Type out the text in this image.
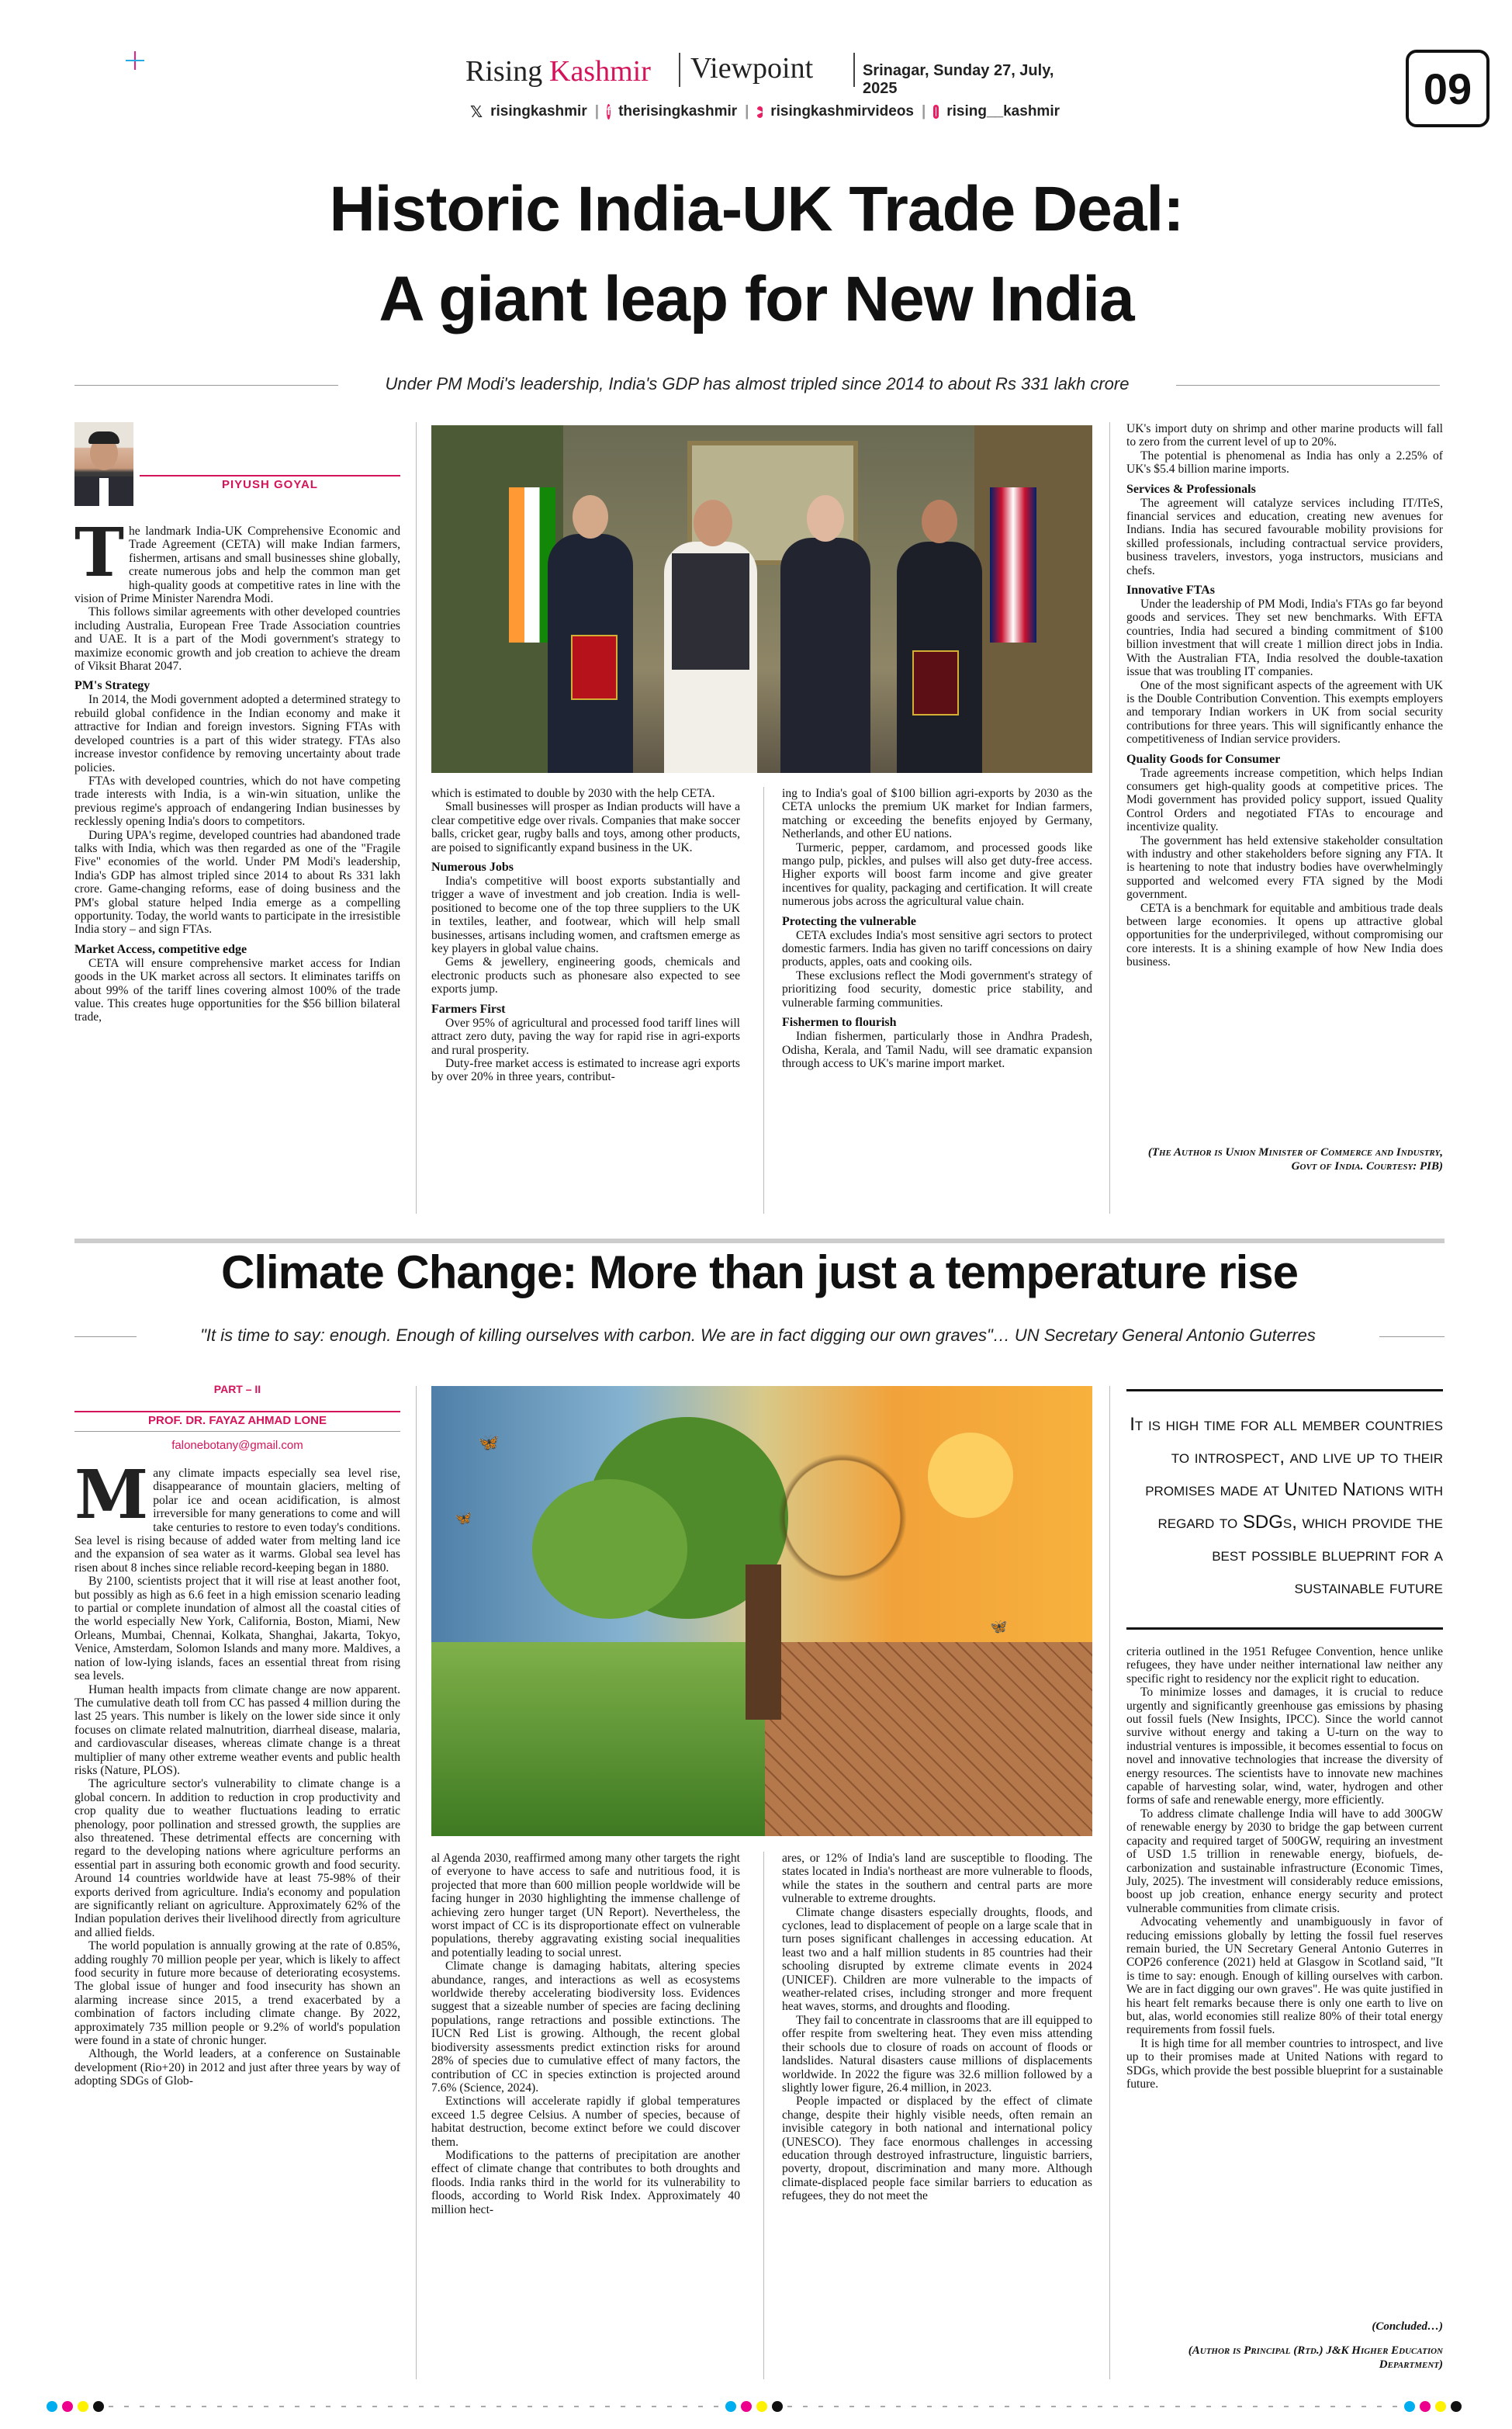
Rising Kashmir Viewpoint	Srinagar, Sunday 27, July, 2025	09
𝕏 risingkashmir | f therisingkashmir | ▶ risingkashmirvideos | rising__kashmir
Historic India-UK Trade Deal:
A giant leap for New India
Under PM Modi's leadership, India's GDP has almost tripled since 2014 to about Rs 331 lakh crore
PIYUSH GOYAL

The landmark India-UK Comprehensive Economic and Trade Agreement (CETA) will make Indian farmers, fishermen, artisans and small businesses shine globally, create numerous jobs and help the common man get high-quality goods at competitive rates in line with the vision of Prime Minister Narendra Modi.

This follows similar agreements with other developed countries including Australia, European Free Trade Association countries and UAE. It is a part of the Modi government's strategy to maximize economic growth and job creation to achieve the dream of Viksit Bharat 2047.

PM's Strategy

In 2014, the Modi government adopted a determined strategy to rebuild global confidence in the Indian economy and make it attractive for Indian and foreign investors. Signing FTAs with developed countries is a part of this wider strategy. FTAs also increase investor confidence by removing uncertainty about trade policies.

FTAs with developed countries, which do not have competing trade interests with India, is a win-win situation, unlike the previous regime's approach of endangering Indian businesses by recklessly opening India's doors to competitors.

During UPA's regime, developed countries had abandoned trade talks with India, which was then regarded as one of the "Fragile Five" economies of the world. Under PM Modi's leadership, India's GDP has almost tripled since 2014 to about Rs 331 lakh crore. Game-changing reforms, ease of doing business and the PM's global stature helped India emerge as a compelling opportunity. Today, the world wants to participate in the irresistible India story – and sign FTAs.

Market Access, competitive edge

CETA will ensure comprehensive market access for Indian goods in the UK market across all sectors. It eliminates tariffs on about 99% of the tariff lines covering almost 100% of the trade value. This creates huge opportunities for the $56 billion bilateral trade,

which is estimated to double by 2030 with the help CETA.

Small businesses will prosper as Indian products will have a clear competitive edge over rivals. Companies that make soccer balls, cricket gear, rugby balls and toys, among other products, are poised to significantly expand business in the UK.

Numerous Jobs

India's competitive will boost exports substantially and trigger a wave of investment and job creation. India is well-positioned to become one of the top three suppliers to the UK in textiles, leather, and footwear, which will help small businesses, artisans including women, and craftsmen emerge as key players in global value chains.

Gems & jewellery, engineering goods, chemicals and electronic products such as phonesare also expected to see exports jump.

Farmers First

Over 95% of agricultural and processed food tariff lines will attract zero duty, paving the way for rapid rise in agri-exports and rural prosperity.

Duty-free market access is estimated to increase agri exports by over 20% in three years, contribut-

ing to India's goal of $100 billion agri-exports by 2030 as the CETA unlocks the premium UK market for Indian farmers, matching or exceeding the benefits enjoyed by Germany, Netherlands, and other EU nations.

Turmeric, pepper, cardamom, and processed goods like mango pulp, pickles, and pulses will also get duty-free access. Higher exports will boost farm income and give greater incentives for quality, packaging and certification. It will create numerous jobs across the agricultural value chain.

Protecting the vulnerable

CETA excludes India's most sensitive agri sectors to protect domestic farmers. India has given no tariff concessions on dairy products, apples, oats and cooking oils.

These exclusions reflect the Modi government's strategy of prioritizing food security, domestic price stability, and vulnerable farming communities.

Fishermen to flourish

Indian fishermen, particularly those in Andhra Pradesh, Odisha, Kerala, and Tamil Nadu, will see dramatic expansion through access to UK's marine import market.

UK's import duty on shrimp and other marine products will fall to zero from the current level of up to 20%.

The potential is phenomenal as India has only a 2.25% of UK's $5.4 billion marine imports.

Services & Professionals

The agreement will catalyze services including IT/ITeS, financial services and education, creating new avenues for Indians. India has secured favourable mobility provisions for skilled professionals, including contractual service providers, business travelers, investors, yoga instructors, musicians and chefs.

Innovative FTAs

Under the leadership of PM Modi, India's FTAs go far beyond goods and services. They set new benchmarks. With EFTA countries, India had secured a binding commitment of $100 billion investment that will create 1 million direct jobs in India. With the Australian FTA, India resolved the double-taxation issue that was troubling IT companies.

One of the most significant aspects of the agreement with UK is the Double Contribution Convention. This exempts employers and temporary Indian workers in UK from social security contributions for three years. This will significantly enhance the competitiveness of Indian service providers.

Quality Goods for Consumer

Trade agreements increase competition, which helps Indian consumers get high-quality goods at competitive prices. The Modi government has provided policy support, issued Quality Control Orders and negotiated FTAs to encourage and incentivize quality.

The government has held extensive stakeholder consultation with industry and other stakeholders before signing any FTA. It is heartening to note that industry bodies have overwhelmingly supported and welcomed every FTA signed by the Modi government.

CETA is a benchmark for equitable and ambitious trade deals between large economies. It opens up attractive global opportunities for the underprivileged, without compromising our core interests. It is a shining example of how New India does business.

(The Author is Union Minister of Commerce and Industry, Govt of India. Courtesy: PIB)
Climate Change: More than just a temperature rise
"It is time to say: enough. Enough of killing ourselves with carbon. We are in fact digging our own graves"… UN Secretary General Antonio Guterres
PART – II
PROF. DR. FAYAZ AHMAD LONE
falonebotany@gmail.com	🦋
🦋
🦋
It is high time for all member countries to introspect, and live up to their promises made at United Nations with regard to SDGs, which provide the best possible blueprint for a sustainable future

Many climate impacts especially sea level rise, disappearance of mountain glaciers, melting of polar ice and ocean acidification, is almost irreversible for many generations to come and will take centuries to restore to even today's conditions. Sea level is rising because of added water from melting land ice and the expansion of sea water as it warms. Global sea level has risen about 8 inches since reliable record-keeping began in 1880.

By 2100, scientists project that it will rise at least another foot, but possibly as high as 6.6 feet in a high emission scenario leading to partial or complete inundation of almost all the coastal cities of the world especially New York, California, Boston, Miami, New Orleans, Mumbai, Chennai, Kolkata, Shanghai, Jakarta, Tokyo, Venice, Amsterdam, Solomon Islands and many more. Maldives, a nation of low-lying islands, faces an essential threat from rising sea levels.

Human health impacts from climate change are now apparent. The cumulative death toll from CC has passed 4 million during the last 25 years. This number is likely on the lower side since it only focuses on climate related malnutrition, diarrheal disease, malaria, and cardiovascular diseases, whereas climate change is a threat multiplier of many other extreme weather events and public health risks (Nature, PLOS).

The agriculture sector's vulnerability to climate change is a global concern. In addition to reduction in crop productivity and crop quality due to weather fluctuations leading to erratic phenology, poor pollination and stressed growth, the supplies are also threatened. These detrimental effects are concerning with regard to the developing nations where agriculture performs an essential part in assuring both economic growth and food security. Around 14 countries worldwide have at least 75-98% of their exports derived from agriculture. India's economy and population are significantly reliant on agriculture. Approximately 62% of the Indian population derives their livelihood directly from agriculture and allied fields.

The world population is annually growing at the rate of 0.85%, adding roughly 70 million people per year, which is likely to affect food security in future more because of deteriorating ecosystems. The global issue of hunger and food insecurity has shown an alarming increase since 2015, a trend exacerbated by a combination of factors including climate change. By 2022, approximately 735 million people or 9.2% of world's population were found in a state of chronic hunger.

Although, the World leaders, at a conference on Sustainable development (Rio+20) in 2012 and just after three years by way of adopting SDGs of Glob-

al Agenda 2030, reaffirmed among many other targets the right of everyone to have access to safe and nutritious food, it is projected that more than 600 million people worldwide will be facing hunger in 2030 highlighting the immense challenge of achieving zero hunger target (UN Report). Nevertheless, the worst impact of CC is its disproportionate effect on vulnerable populations, thereby aggravating existing social inequalities and potentially leading to social unrest.

Climate change is damaging habitats, altering species abundance, ranges, and interactions as well as ecosystems worldwide thereby accelerating biodiversity loss. Evidences suggest that a sizeable number of species are facing declining populations, range retractions and possible extinctions. The IUCN Red List is growing. Although, the recent global biodiversity assessments predict extinction risks for around 28% of species due to cumulative effect of many factors, the contribution of CC in species extinction is projected around 7.6% (Science, 2024).

Extinctions will accelerate rapidly if global temperatures exceed 1.5 degree Celsius. A number of species, because of habitat destruction, become extinct before we could discover them.

Modifications to the patterns of precipitation are another effect of climate change that contributes to both droughts and floods. India ranks third in the world for its vulnerability to floods, according to World Risk Index. Approximately 40 million hect-

ares, or 12% of India's land are susceptible to flooding. The states located in India's northeast are more vulnerable to floods, while the states in the southern and central parts are more vulnerable to extreme droughts.

Climate change disasters especially droughts, floods, and cyclones, lead to displacement of people on a large scale that in turn poses significant challenges in accessing education. At least two and a half million students in 85 countries had their schooling disrupted by extreme climate events in 2024 (UNICEF). Children are more vulnerable to the impacts of weather-related crises, including stronger and more frequent heat waves, storms, and droughts and flooding.

They fail to concentrate in classrooms that are ill equipped to offer respite from sweltering heat. They even miss attending their schools due to closure of roads on account of floods or landslides. Natural disasters cause millions of displacements worldwide. In 2022 the figure was 32.6 million followed by a slightly lower figure, 26.4 million, in 2023.

People impacted or displaced by the effect of climate change, despite their highly visible needs, often remain an invisible category in both national and international policy (UNESCO). They face enormous challenges in accessing education through destroyed infrastructure, linguistic barriers, poverty, dropout, discrimination and many more. Although climate-displaced people face similar barriers to education as refugees, they do not meet the

criteria outlined in the 1951 Refugee Convention, hence unlike refugees, they have under neither international law neither any specific right to residency nor the explicit right to education.

To minimize losses and damages, it is crucial to reduce urgently and significantly greenhouse gas emissions by phasing out fossil fuels (New Insights, IPCC). Since the world cannot survive without energy and taking a U-turn on the way to industrial ventures is impossible, it becomes essential to focus on novel and innovative technologies that increase the diversity of energy resources. The scientists have to innovate new machines capable of harvesting solar, wind, water, hydrogen and other forms of safe and renewable energy, more efficiently.

To address climate challenge India will have to add 300GW of renewable energy by 2030 to bridge the gap between current capacity and required target of 500GW, requiring an investment of USD 1.5 trillion in renewable energy, biofuels, de-carbonization and sustainable infrastructure (Economic Times, July, 2025). The investment will considerably reduce emissions, boost up job creation, enhance energy security and protect vulnerable communities from climate crisis.

Advocating vehemently and unambiguously in favor of reducing emissions globally by letting the fossil fuel reserves remain buried, the UN Secretary General Antonio Guterres in COP26 conference (2021) held at Glasgow in Scotland said, "It is time to say: enough. Enough of killing ourselves with carbon. We are in fact digging our own graves". He was quite justified in his heart felt remarks because there is only one earth to live on but, alas, world economies still realize 80% of their total energy requirements from fossil fuels.

It is high time for all member countries to introspect, and live up to their promises made at United Nations with regard to SDGs, which provide the best possible blueprint for a sustainable future.

(Concluded…)
(Author is Principal (Rtd.) J&K Higher Education Department)
